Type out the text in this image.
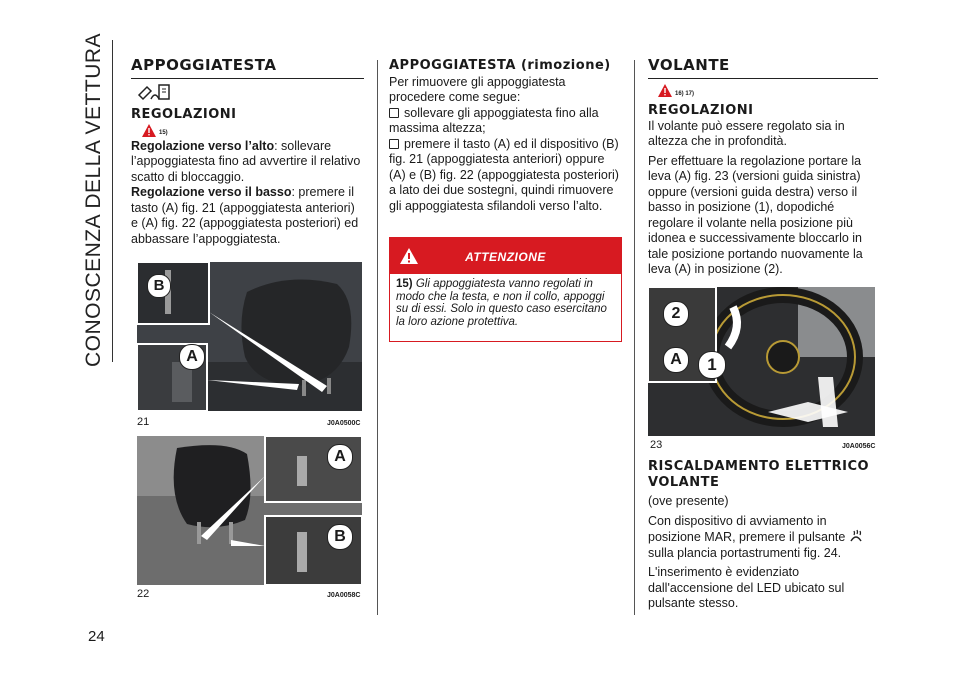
CONOSCENZA DELLA VETTURA
24
APPOGGIATESTA
REGOLAZIONI
15)

Regolazione verso l’alto: sollevare l’appoggiatesta fino ad avvertire il relativo scatto di bloccaggio.

Regolazione verso il basso: premere il tasto (A) fig. 21 (appoggiatesta anteriori) e (A) fig. 22 (appoggiatesta posteriori) ed abbassare l’appoggiatesta.

B
A
21	J0A0500C
A
B
22	J0A0058C
APPOGGIATESTA (rimozione)

Per rimuovere gli appoggiatesta procedere come segue:

sollevare gli appoggiatesta fino alla massima altezza;

premere il tasto (A) ed il dispositivo (B) fig. 21 (appoggiatesta anteriori) oppure (A) e (B) fig. 22 (appoggiatesta posteriori) a lato dei due sostegni, quindi rimuovere gli appoggiatesta sfilandoli verso l’alto.

ATTENZIONE
15) Gli appoggiatesta vanno regolati in modo che la testa, e non il collo, appoggi su di essi. Solo in questo caso esercitano la loro azione protettiva.
VOLANTE
16) 17)
REGOLAZIONI

Il volante può essere regolato sia in altezza che in profondità.

Per effettuare la regolazione portare la leva (A) fig. 23 (versioni guida sinistra) oppure (versioni guida destra) verso il basso in posizione (1), dopodiché regolare il volante nella posizione più idonea e successivamente bloccarlo in tale posizione portando nuovamente la leva (A) in posizione (2).

2
A	1
23	J0A0056C
RISCALDAMENTO ELETTRICO VOLANTE

(ove presente)

Con dispositivo di avviamento in posizione MAR, premere il pulsante  sulla plancia portastrumenti fig. 24.

L'inserimento è evidenziato dall'accensione del LED ubicato sul pulsante stesso.
